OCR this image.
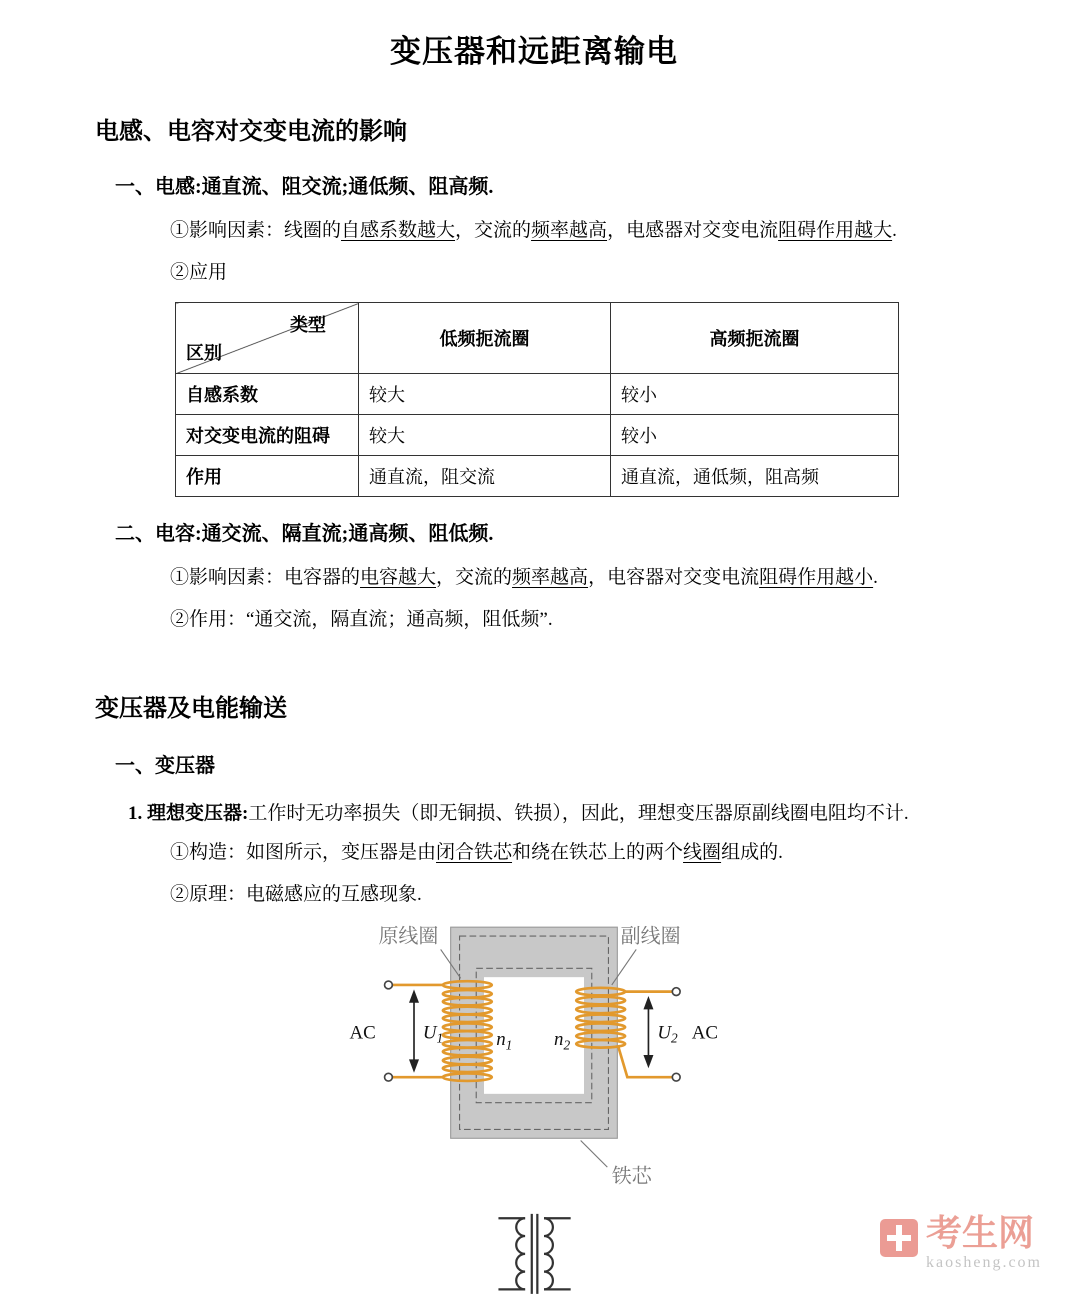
变压器和远距离输电
电感、电容对交变电流的影响
一、电感:通直流、阻交流;通低频、阻高频.

①影响因素：线圈的自感系数越大，交流的频率越高，电感器对交变电流阻碍作用越大.

②应用

类型
区别	低频扼流圈	高频扼流圈
自感系数	较大	较小
对交变电流的阻碍	较大	较小
作用	通直流，阻交流	通直流，通低频，阻高频
二、电容:通交流、隔直流;通高频、阻低频.

①影响因素：电容器的电容越大，交流的频率越高，电容器对交变电流阻碍作用越小.

②作用：“通交流，隔直流；通高频，阻低频”.

变压器及电能输送
一、变压器

1. 理想变压器:工作时无功率损失（即无铜损、铁损），因此，理想变压器原副线圈电阻均不计.

①构造：如图所示，变压器是由闭合铁芯和绕在铁芯上的两个线圈组成的.

②原理：电磁感应的互感现象.

原线圈	副线圈
铁芯
AC	$U_1$	$U_2$ AC
$n_1$ $n_2$
考生网
kaosheng.com
